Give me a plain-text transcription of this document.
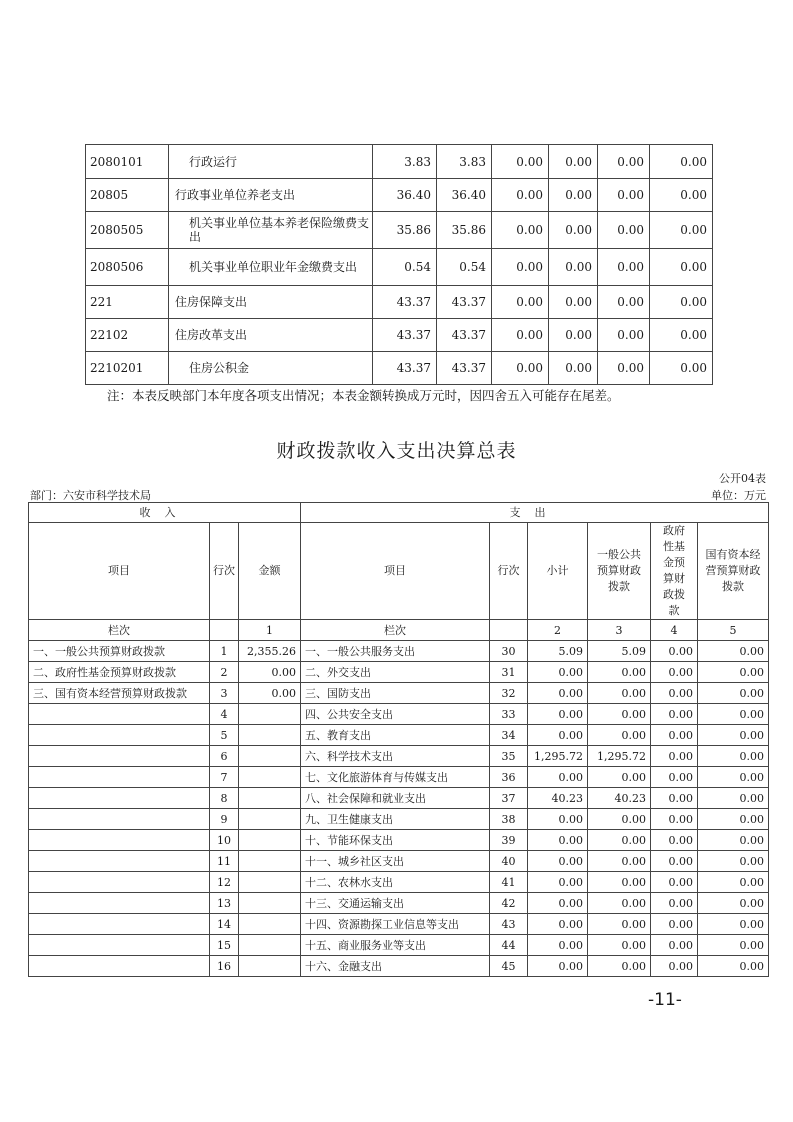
2080101	行政运行	3.83	3.83	0.00	0.00	0.00	0.00
20805	行政事业单位养老支出	36.40	36.40	0.00	0.00	0.00	0.00
2080505	机关事业单位基本养老保险缴费支出	35.86	35.86	0.00	0.00	0.00	0.00
2080506	机关事业单位职业年金缴费支出	0.54	0.54	0.00	0.00	0.00	0.00
221	住房保障支出	43.37	43.37	0.00	0.00	0.00	0.00
22102	住房改革支出	43.37	43.37	0.00	0.00	0.00	0.00
2210201	住房公积金	43.37	43.37	0.00	0.00	0.00	0.00
注：本表反映部门本年度各项支出情况；本表金额转换成万元时，因四舍五入可能存在尾差。
财政拨款收入支出决算总表
公开04表
部门：六安市科学技术局	单位：万元
收入			支出					
项目	行次	金额	项目	行次	小计	一般公共预算财政拨款	政府性基金预算财政拨款	国有资本经营预算财政拨款
栏次		1	栏次		2	3	4	5
一、一般公共预算财政拨款	1	2,355.26	一、一般公共服务支出	30	5.09	5.09	0.00	0.00
二、政府性基金预算财政拨款	2	0.00	二、外交支出	31	0.00	0.00	0.00	0.00
三、国有资本经营预算财政拨款	3	0.00	三、国防支出	32	0.00	0.00	0.00	0.00
	4		四、公共安全支出	33	0.00	0.00	0.00	0.00
	5		五、教育支出	34	0.00	0.00	0.00	0.00
	6		六、科学技术支出	35	1,295.72	1,295.72	0.00	0.00
	7		七、文化旅游体育与传媒支出	36	0.00	0.00	0.00	0.00
	8		八、社会保障和就业支出	37	40.23	40.23	0.00	0.00
	9		九、卫生健康支出	38	0.00	0.00	0.00	0.00
	10		十、节能环保支出	39	0.00	0.00	0.00	0.00
	11		十一、城乡社区支出	40	0.00	0.00	0.00	0.00
	12		十二、农林水支出	41	0.00	0.00	0.00	0.00
	13		十三、交通运输支出	42	0.00	0.00	0.00	0.00
	14		十四、资源勘探工业信息等支出	43	0.00	0.00	0.00	0.00
	15		十五、商业服务业等支出	44	0.00	0.00	0.00	0.00
	16		十六、金融支出	45	0.00	0.00	0.00	0.00
-11-
